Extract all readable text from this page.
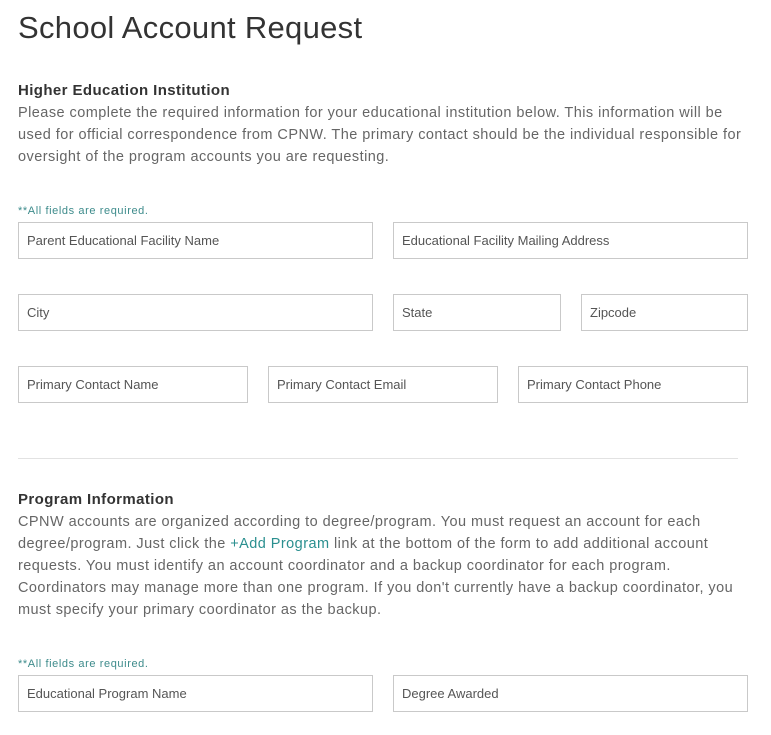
School Account Request
Higher Education Institution

Please complete the required information for your educational institution below. This information will be used for official correspondence from CPNW. The primary contact should be the individual responsible for oversight of the program accounts you are requesting.

**All fields are required.
Parent Educational Facility Name
Educational Facility Mailing Address
City
State
Zipcode
Primary Contact Name
Primary Contact Email
Primary Contact Phone
Program Information

CPNW accounts are organized according to degree/program. You must request an account for each degree/program. Just click the +Add Program link at the bottom of the form to add additional account requests. You must identify an account coordinator and a backup coordinator for each program. Coordinators may manage more than one program. If you don't currently have a backup coordinator, you must specify your primary coordinator as the backup.

**All fields are required.
Educational Program Name
Degree Awarded
